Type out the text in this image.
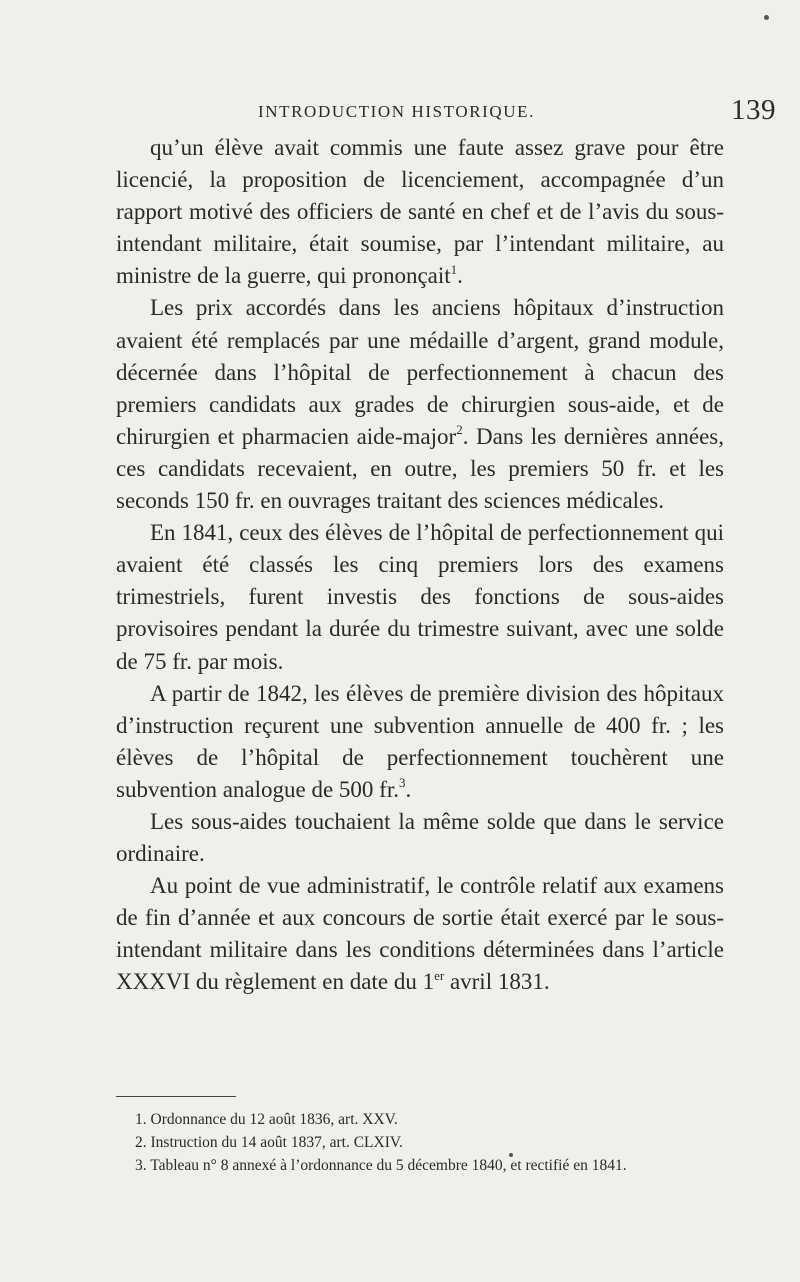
INTRODUCTION HISTORIQUE.	139

qu’un élève avait commis une faute assez grave pour être licencié, la proposition de licenciement, accompagnée d’un rapport motivé des officiers de santé en chef et de l’avis du sous-intendant militaire, était soumise, par l’intendant militaire, au ministre de la guerre, qui prononçait$^1$.

Les prix accordés dans les anciens hôpitaux d’instruction avaient été remplacés par une médaille d’argent, grand module, décernée dans l’hôpital de perfectionnement à chacun des premiers candidats aux grades de chirurgien sous-aide, et de chirurgien et pharmacien aide-major$^2$. Dans les dernières années, ces candidats recevaient, en outre, les premiers 50 fr. et les seconds 150 fr. en ouvrages traitant des sciences médicales.

En 1841, ceux des élèves de l’hôpital de perfectionnement qui avaient été classés les cinq premiers lors des examens trimestriels, furent investis des fonctions de sous-aides provisoires pendant la durée du trimestre suivant, avec une solde de 75 fr. par mois.

A partir de 1842, les élèves de première division des hôpitaux d’instruction reçurent une subvention annuelle de 400 fr. ; les élèves de l’hôpital de perfectionnement touchèrent une subvention analogue de 500 fr.$^3$.

Les sous-aides touchaient la même solde que dans le service ordinaire.

Au point de vue administratif, le contrôle relatif aux examens de fin d’année et aux concours de sortie était exercé par le sous-intendant militaire dans les conditions déterminées dans l’article XXXVI du règlement en date du 1er avril 1831.

1. Ordonnance du 12 août 1836, art. XXV.

2. Instruction du 14 août 1837, art. CLXIV.

3. Tableau n° 8 annexé à l’ordonnance du 5 décembre 1840, et rectifié en 1841.
